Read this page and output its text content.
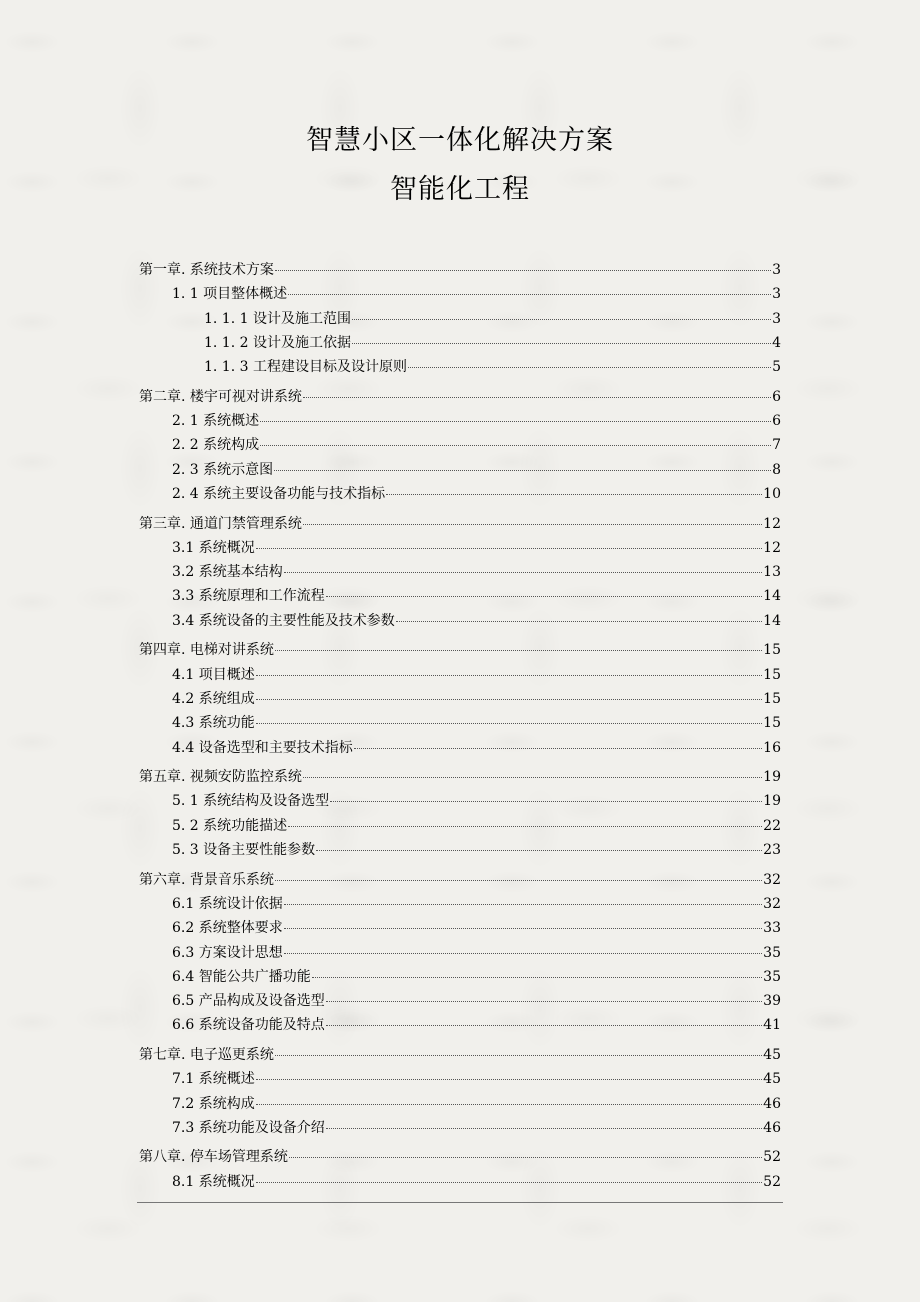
智慧小区一体化解决方案
智能化工程
第一章. 系统技术方案	3
1. 1 项目整体概述	3
1. 1. 1 设计及施工范围	3
1. 1. 2 设计及施工依据	4
1. 1. 3 工程建设目标及设计原则	5
第二章. 楼宇可视对讲系统	6
2. 1 系统概述	6
2. 2 系统构成	7
2. 3 系统示意图	8
2. 4 系统主要设备功能与技术指标	10
第三章. 通道门禁管理系统	12
3.1 系统概况	12
3.2 系统基本结构	13
3.3 系统原理和工作流程	14
3.4 系统设备的主要性能及技术参数	14
第四章. 电梯对讲系统	15
4.1 项目概述	15
4.2 系统组成	15
4.3 系统功能	15
4.4 设备选型和主要技术指标	16
第五章. 视频安防监控系统	19
5. 1 系统结构及设备选型	19
5. 2 系统功能描述	22
5. 3 设备主要性能参数	23
第六章. 背景音乐系统	32
6.1 系统设计依据	32
6.2 系统整体要求	33
6.3 方案设计思想	35
6.4 智能公共广播功能	35
6.5 产品构成及设备选型	39
6.6 系统设备功能及特点	41
第七章. 电子巡更系统	45
7.1 系统概述	45
7.2 系统构成	46
7.3 系统功能及设备介绍	46
第八章. 停车场管理系统	52
8.1 系统概况	52
